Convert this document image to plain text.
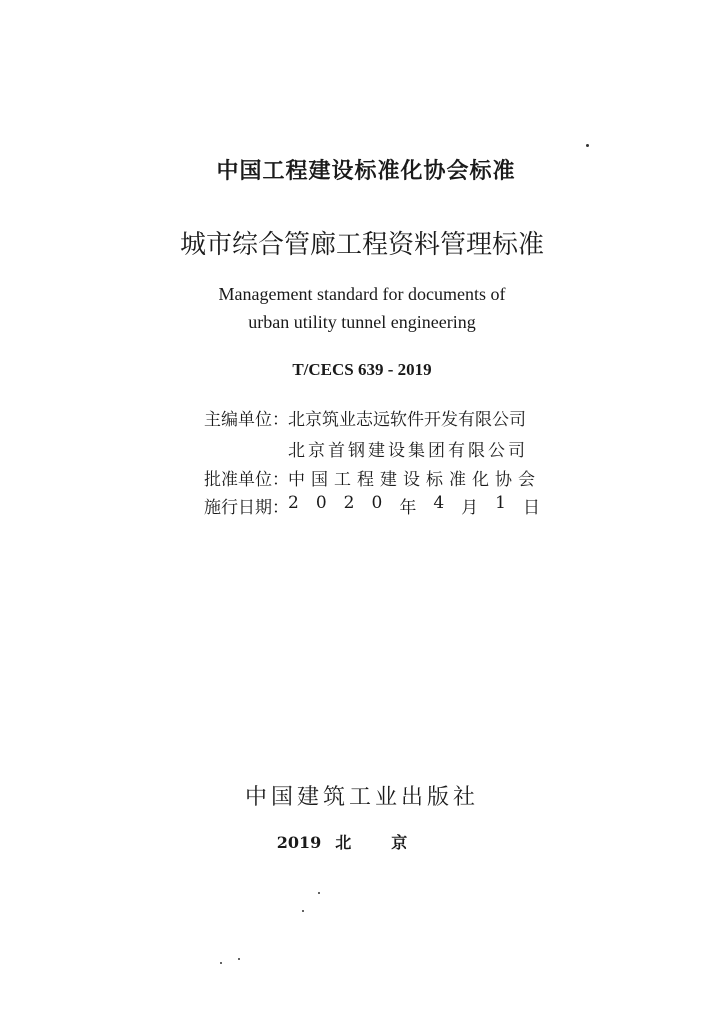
中国工程建设标准化协会标准
城市综合管廊工程资料管理标准
Management standard for documents of
urban utility tunnel engineering
T/CECS 639 - 2019
主编单位： 北京筑业志远软件开发有限公司
北京首钢建设集团有限公司
批准单位： 中国工程建设标准化协会
施行日期： 2 0 2 0 年 4 月 1 日
中国建筑工业出版社
2019 北京
